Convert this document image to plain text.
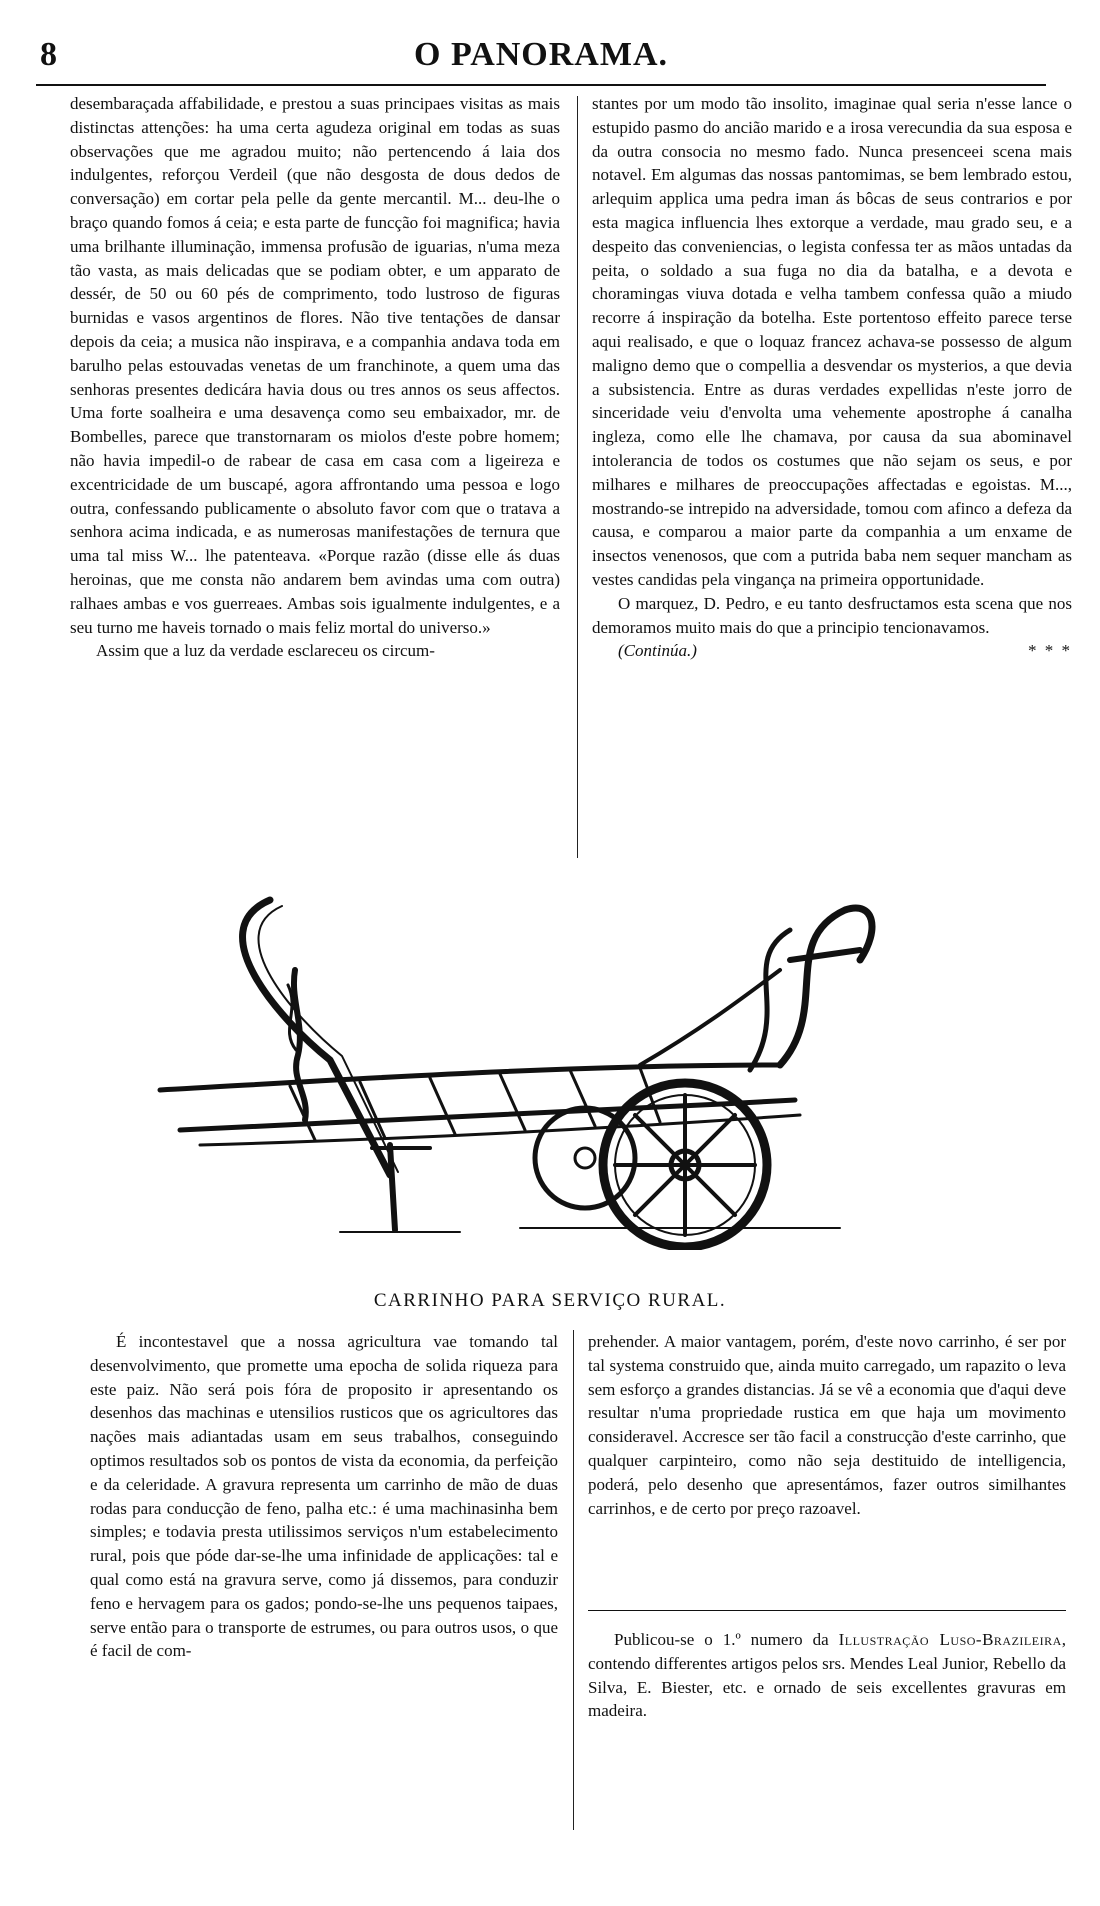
8	O PANORAMA.

desembaraçada affabilidade, e prestou a suas principaes visitas as mais distinctas attenções: ha uma certa agudeza original em todas as suas observações que me agradou muito; não pertencendo á laia dos indulgentes, reforçou Verdeil (que não desgosta de dous dedos de conversação) em cortar pela pelle da gente mercantil. M... deu-lhe o braço quando fomos á ceia; e esta parte de funcção foi magnifica; havia uma brilhante illuminação, immensa profusão de iguarias, n'uma meza tão vasta, as mais delicadas que se podiam obter, e um apparato de dessér, de 50 ou 60 pés de comprimento, todo lustroso de figuras burnidas e vasos argentinos de flores. Não tive tentações de dansar depois da ceia; a musica não inspirava, e a companhia andava toda em barulho pelas estouvadas venetas de um franchinote, a quem uma das senhoras presentes dedicára havia dous ou tres annos os seus affectos. Uma forte soalheira e uma desavença como seu embaixador, mr. de Bombelles, parece que transtornaram os miolos d'este pobre homem; não havia impedil-o de rabear de casa em casa com a ligeireza e excentricidade de um buscapé, agora affrontando uma pessoa e logo outra, confessando publicamente o absoluto favor com que o tratava a senhora acima indicada, e as numerosas manifestações de ternura que uma tal miss W... lhe patenteava. «Porque razão (disse elle ás duas heroinas, que me consta não andarem bem avindas uma com outra) ralhaes ambas e vos guerreaes. Ambas sois igualmente indulgentes, e a seu turno me haveis tornado o mais feliz mortal do universo.»

Assim que a luz da verdade esclareceu os circum-

stantes por um modo tão insolito, imaginae qual seria n'esse lance o estupido pasmo do ancião marido e a irosa verecundia da sua esposa e da outra consocia no mesmo fado. Nunca presenceei scena mais notavel. Em algumas das nossas pantomimas, se bem lembrado estou, arlequim applica uma pedra iman ás bôcas de seus contrarios e por esta magica influencia lhes extorque a verdade, mau grado seu, e a despeito das conveniencias, o legista confessa ter as mãos untadas da peita, o soldado a sua fuga no dia da batalha, e a devota e choramingas viuva dotada e velha tambem confessa quão a miudo recorre á inspiração da botelha. Este portentoso effeito parece terse aqui realisado, e que o loquaz francez achava-se possesso de algum maligno demo que o compellia a desvendar os mysterios, a que devia a subsistencia. Entre as duras verdades expellidas n'este jorro de sinceridade veiu d'envolta uma vehemente apostrophe á canalha ingleza, como elle lhe chamava, por causa da sua abominavel intolerancia de todos os costumes que não sejam os seus, e por milhares e milhares de preoccupações affectadas e egoistas. M..., mostrando-se intrepido na adversidade, tomou com afinco a defeza da causa, e comparou a maior parte da companhia a um enxame de insectos venenosos, que com a putrida baba nem sequer mancham as vestes candidas pela vingança na primeira opportunidade.

O marquez, D. Pedro, e eu tanto desfructamos esta scena que nos demoramos muito mais do que a principio tencionavamos.

(Continúa.)	* * *

CARRINHO PARA SERVIÇO RURAL.

É incontestavel que a nossa agricultura vae tomando tal desenvolvimento, que promette uma epocha de solida riqueza para este paiz. Não será pois fóra de proposito ir apresentando os desenhos das machinas e utensilios rusticos que os agricultores das nações mais adiantadas usam em seus trabalhos, conseguindo optimos resultados sob os pontos de vista da economia, da perfeição e da celeridade. A gravura representa um carrinho de mão de duas rodas para conducção de feno, palha etc.: é uma machinasinha bem simples; e todavia presta utilissimos serviços n'um estabelecimento rural, pois que póde dar-se-lhe uma infinidade de applicações: tal e qual como está na gravura serve, como já dissemos, para conduzir feno e hervagem para os gados; pondo-se-lhe uns pequenos taipaes, serve então para o transporte de estrumes, ou para outros usos, o que é facil de com-

prehender. A maior vantagem, porém, d'este novo carrinho, é ser por tal systema construido que, ainda muito carregado, um rapazito o leva sem esforço a grandes distancias. Já se vê a economia que d'aqui deve resultar n'uma propriedade rustica em que haja um movimento consideravel. Accresce ser tão facil a construcção d'este carrinho, que qualquer carpinteiro, como não seja destituido de intelligencia, poderá, pelo desenho que apresentámos, fazer outros similhantes carrinhos, e de certo por preço razoavel.

Publicou-se o 1.º numero da Illustração Luso-Brazileira, contendo differentes artigos pelos srs. Mendes Leal Junior, Rebello da Silva, E. Biester, etc. e ornado de seis excellentes gravuras em madeira.
